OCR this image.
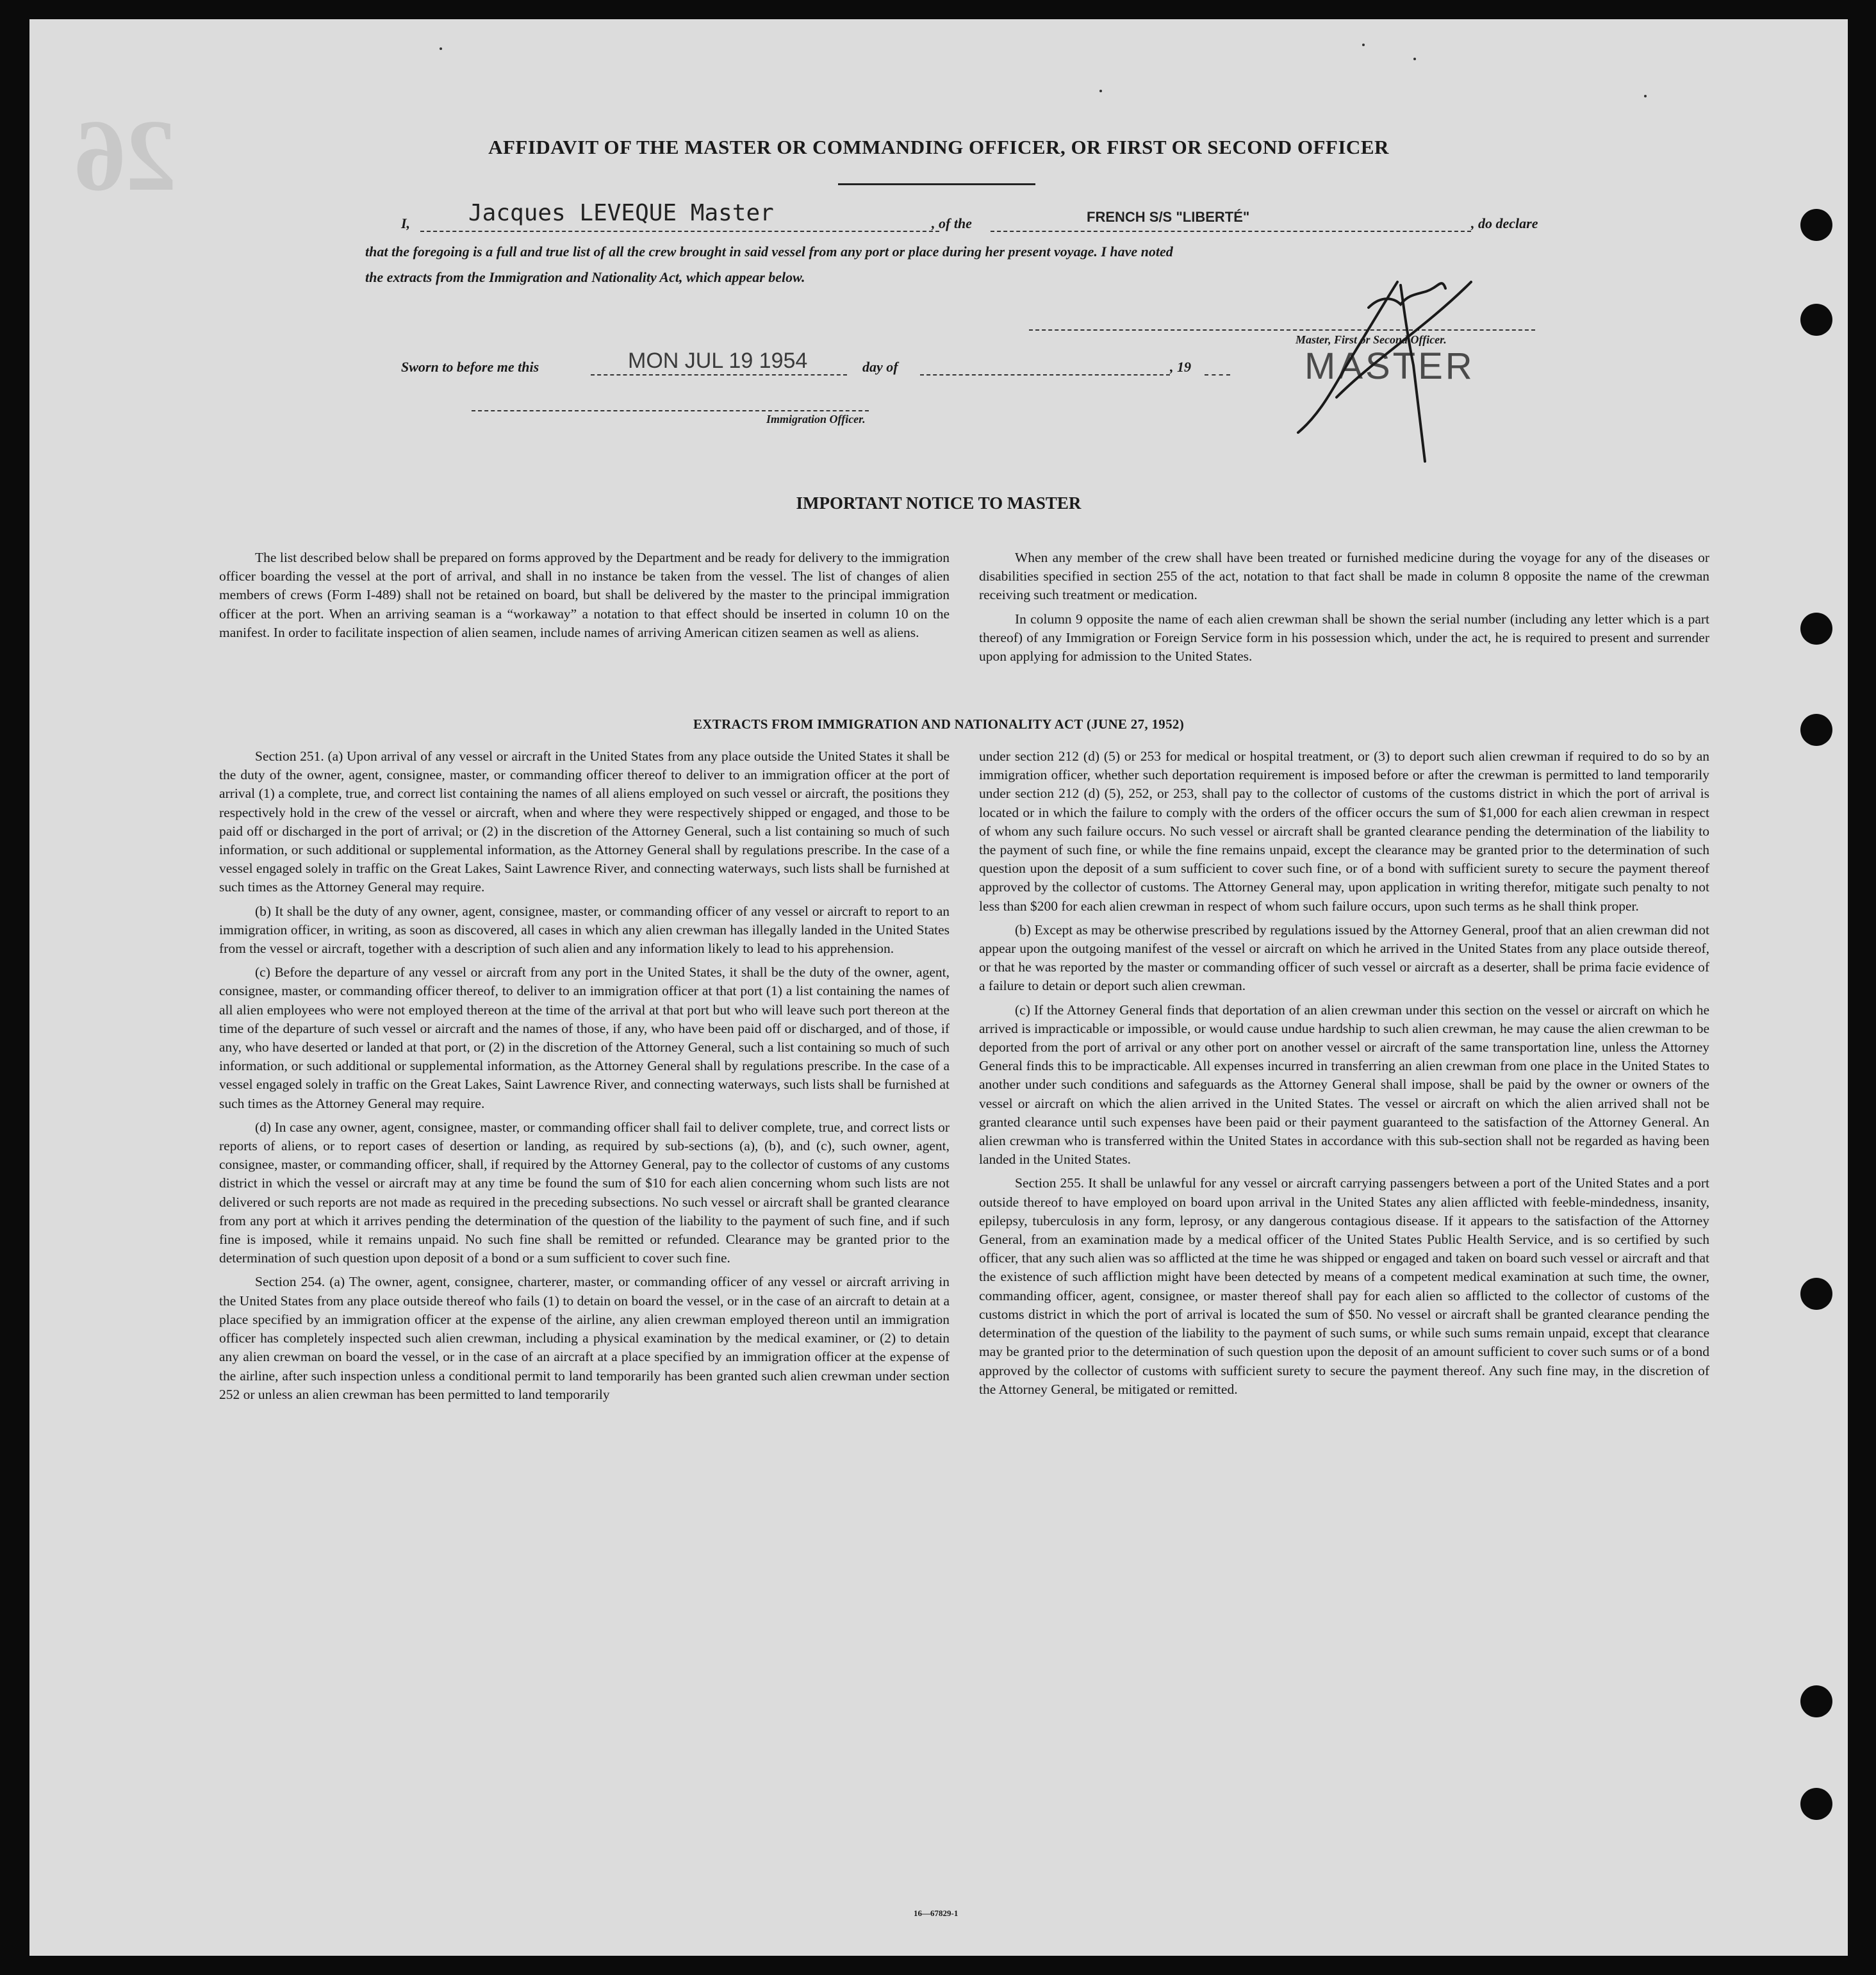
26	AFFIDAVIT OF THE MASTER OR COMMANDING OFFICER, OR FIRST OR SECOND OFFICER
I,	Jacques LEVEQUE Master	, of the	FRENCH S/S "LIBERTÉ"	, do declare
that the foregoing is a full and true list of all the crew brought in said vessel from any port or place during her present voyage. I have noted
the extracts from the Immigration and Nationality Act, which appear below.
Master, First or Second Officer.
MASTER
Sworn to before me this	MON JUL 19 1954	day of	, 19
Immigration Officer.
IMPORTANT NOTICE TO MASTER

The list described below shall be prepared on forms approved by the Department and be ready for delivery to the immigration officer boarding the vessel at the port of arrival, and shall in no instance be taken from the vessel. The list of changes of alien members of crews (Form I-489) shall not be retained on board, but shall be delivered by the master to the principal immigration officer at the port. When an arriving seaman is a “workaway” a notation to that effect should be inserted in column 10 on the manifest. In order to facilitate inspection of alien seamen, include names of arriving American citizen seamen as well as aliens.

When any member of the crew shall have been treated or furnished medicine during the voyage for any of the diseases or disabilities specified in section 255 of the act, notation to that fact shall be made in column 8 opposite the name of the crewman receiving such treatment or medication.

In column 9 opposite the name of each alien crewman shall be shown the serial number (including any letter which is a part thereof) of any Immigration or Foreign Service form in his possession which, under the act, he is required to present and surrender upon applying for admission to the United States.

EXTRACTS FROM IMMIGRATION AND NATIONALITY ACT (JUNE 27, 1952)

Section 251. (a) Upon arrival of any vessel or aircraft in the United States from any place outside the United States it shall be the duty of the owner, agent, consignee, master, or commanding officer thereof to deliver to an immigration officer at the port of arrival (1) a complete, true, and correct list containing the names of all aliens employed on such vessel or aircraft, the positions they respectively hold in the crew of the vessel or aircraft, when and where they were respectively shipped or engaged, and those to be paid off or discharged in the port of arrival; or (2) in the discretion of the Attorney General, such a list containing so much of such information, or such additional or supplemental information, as the Attorney General shall by regulations prescribe. In the case of a vessel engaged solely in traffic on the Great Lakes, Saint Lawrence River, and connecting waterways, such lists shall be furnished at such times as the Attorney General may require.

(b) It shall be the duty of any owner, agent, consignee, master, or commanding officer of any vessel or aircraft to report to an immigration officer, in writing, as soon as discovered, all cases in which any alien crewman has illegally landed in the United States from the vessel or aircraft, together with a description of such alien and any information likely to lead to his apprehension.

(c) Before the departure of any vessel or aircraft from any port in the United States, it shall be the duty of the owner, agent, consignee, master, or commanding officer thereof, to deliver to an immigration officer at that port (1) a list containing the names of all alien employees who were not employed thereon at the time of the arrival at that port but who will leave such port thereon at the time of the departure of such vessel or aircraft and the names of those, if any, who have been paid off or discharged, and of those, if any, who have deserted or landed at that port, or (2) in the discretion of the Attorney General, such a list containing so much of such information, or such additional or supplemental information, as the Attorney General shall by regulations prescribe. In the case of a vessel engaged solely in traffic on the Great Lakes, Saint Lawrence River, and connecting waterways, such lists shall be furnished at such times as the Attorney General may require.

(d) In case any owner, agent, consignee, master, or commanding officer shall fail to deliver complete, true, and correct lists or reports of aliens, or to report cases of desertion or landing, as required by sub-sections (a), (b), and (c), such owner, agent, consignee, master, or commanding officer, shall, if required by the Attorney General, pay to the collector of customs of any customs district in which the vessel or aircraft may at any time be found the sum of $10 for each alien concerning whom such lists are not delivered or such reports are not made as required in the preceding subsections. No such vessel or aircraft shall be granted clearance from any port at which it arrives pending the determination of the question of the liability to the payment of such fine, and if such fine is imposed, while it remains unpaid. No such fine shall be remitted or refunded. Clearance may be granted prior to the determination of such question upon deposit of a bond or a sum sufficient to cover such fine.

Section 254. (a) The owner, agent, consignee, charterer, master, or commanding officer of any vessel or aircraft arriving in the United States from any place outside thereof who fails (1) to detain on board the vessel, or in the case of an aircraft to detain at a place specified by an immigration officer at the expense of the airline, any alien crewman employed thereon until an immigration officer has completely inspected such alien crewman, including a physical examination by the medical examiner, or (2) to detain any alien crewman on board the vessel, or in the case of an aircraft at a place specified by an immigration officer at the expense of the airline, after such inspection unless a conditional permit to land temporarily has been granted such alien crewman under section 252 or unless an alien crewman has been permitted to land temporarily

under section 212 (d) (5) or 253 for medical or hospital treatment, or (3) to deport such alien crewman if required to do so by an immigration officer, whether such deportation requirement is imposed before or after the crewman is permitted to land temporarily under section 212 (d) (5), 252, or 253, shall pay to the collector of customs of the customs district in which the port of arrival is located or in which the failure to comply with the orders of the officer occurs the sum of $1,000 for each alien crewman in respect of whom any such failure occurs. No such vessel or aircraft shall be granted clearance pending the determination of the liability to the payment of such fine, or while the fine remains unpaid, except the clearance may be granted prior to the determination of such question upon the deposit of a sum sufficient to cover such fine, or of a bond with sufficient surety to secure the payment thereof approved by the collector of customs. The Attorney General may, upon application in writing therefor, mitigate such penalty to not less than $200 for each alien crewman in respect of whom such failure occurs, upon such terms as he shall think proper.

(b) Except as may be otherwise prescribed by regulations issued by the Attorney General, proof that an alien crewman did not appear upon the outgoing manifest of the vessel or aircraft on which he arrived in the United States from any place outside thereof, or that he was reported by the master or commanding officer of such vessel or aircraft as a deserter, shall be prima facie evidence of a failure to detain or deport such alien crewman.

(c) If the Attorney General finds that deportation of an alien crewman under this section on the vessel or aircraft on which he arrived is impracticable or impossible, or would cause undue hardship to such alien crewman, he may cause the alien crewman to be deported from the port of arrival or any other port on another vessel or aircraft of the same transportation line, unless the Attorney General finds this to be impracticable. All expenses incurred in transferring an alien crewman from one place in the United States to another under such conditions and safeguards as the Attorney General shall impose, shall be paid by the owner or owners of the vessel or aircraft on which the alien arrived in the United States. The vessel or aircraft on which the alien arrived shall not be granted clearance until such expenses have been paid or their payment guaranteed to the satisfaction of the Attorney General. An alien crewman who is transferred within the United States in accordance with this sub-section shall not be regarded as having been landed in the United States.

Section 255. It shall be unlawful for any vessel or aircraft carrying passengers between a port of the United States and a port outside thereof to have employed on board upon arrival in the United States any alien afflicted with feeble-mindedness, insanity, epilepsy, tuberculosis in any form, leprosy, or any dangerous contagious disease. If it appears to the satisfaction of the Attorney General, from an examination made by a medical officer of the United States Public Health Service, and is so certified by such officer, that any such alien was so afflicted at the time he was shipped or engaged and taken on board such vessel or aircraft and that the existence of such affliction might have been detected by means of a competent medical examination at such time, the owner, commanding officer, agent, consignee, or master thereof shall pay for each alien so afflicted to the collector of customs of the customs district in which the port of arrival is located the sum of $50. No vessel or aircraft shall be granted clearance pending the determination of the question of the liability to the payment of such sums, or while such sums remain unpaid, except that clearance may be granted prior to the determination of such question upon the deposit of an amount sufficient to cover such sums or of a bond approved by the collector of customs with sufficient surety to secure the payment thereof. Any such fine may, in the discretion of the Attorney General, be mitigated or remitted.

16—67829-1
